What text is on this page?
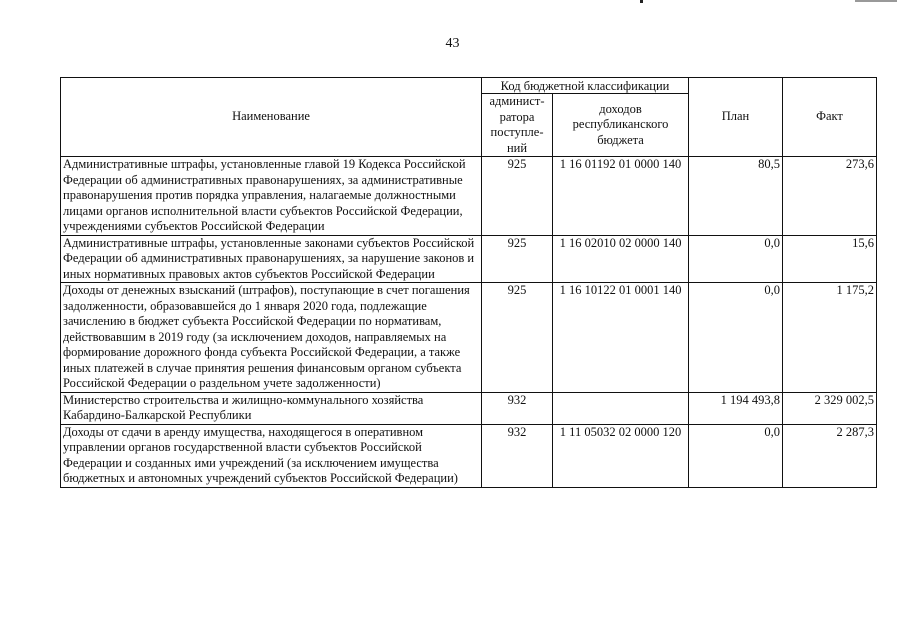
43
Наименование	Код бюджетной классификации		План	Факт
	админист-ратора поступле-ний	доходов республиканского бюджета		
Административные штрафы, установленные главой 19 Кодекса Российской Федерации об административных правонарушениях, за административные правонарушения против порядка управления, налагаемые должностными лицами органов исполнительной власти субъектов Российской Федерации, учреждениями субъектов Российской Федерации	925	1 16 01192 01 0000 140	80,5	273,6
Административные штрафы, установленные законами субъектов Российской Федерации об административных правонарушениях, за нарушение законов и иных нормативных правовых актов субъектов Российской Федерации	925	1 16 02010 02 0000 140	0,0	15,6
Доходы от денежных взысканий (штрафов), поступающие в счет погашения задолженности, образовавшейся до 1 января 2020 года, подлежащие зачислению в бюджет субъекта Российской Федерации по нормативам, действовавшим в 2019 году (за исключением доходов, направляемых на формирование дорожного фонда субъекта Российской Федерации, а также иных платежей в случае принятия решения финансовым органом субъекта Российской Федерации о раздельном учете задолженности)	925	1 16 10122 01 0001 140	0,0	1 175,2
Министерство строительства и жилищно-коммунального хозяйства Кабардино-Балкарской Республики	932		1 194 493,8	2 329 002,5
Доходы от сдачи в аренду имущества, находящегося в оперативном управлении органов государственной власти субъектов Российской Федерации и созданных ими учреждений (за исключением имущества бюджетных и автономных учреждений субъектов Российской Федерации)	932	1 11 05032 02 0000 120	0,0	2 287,3
